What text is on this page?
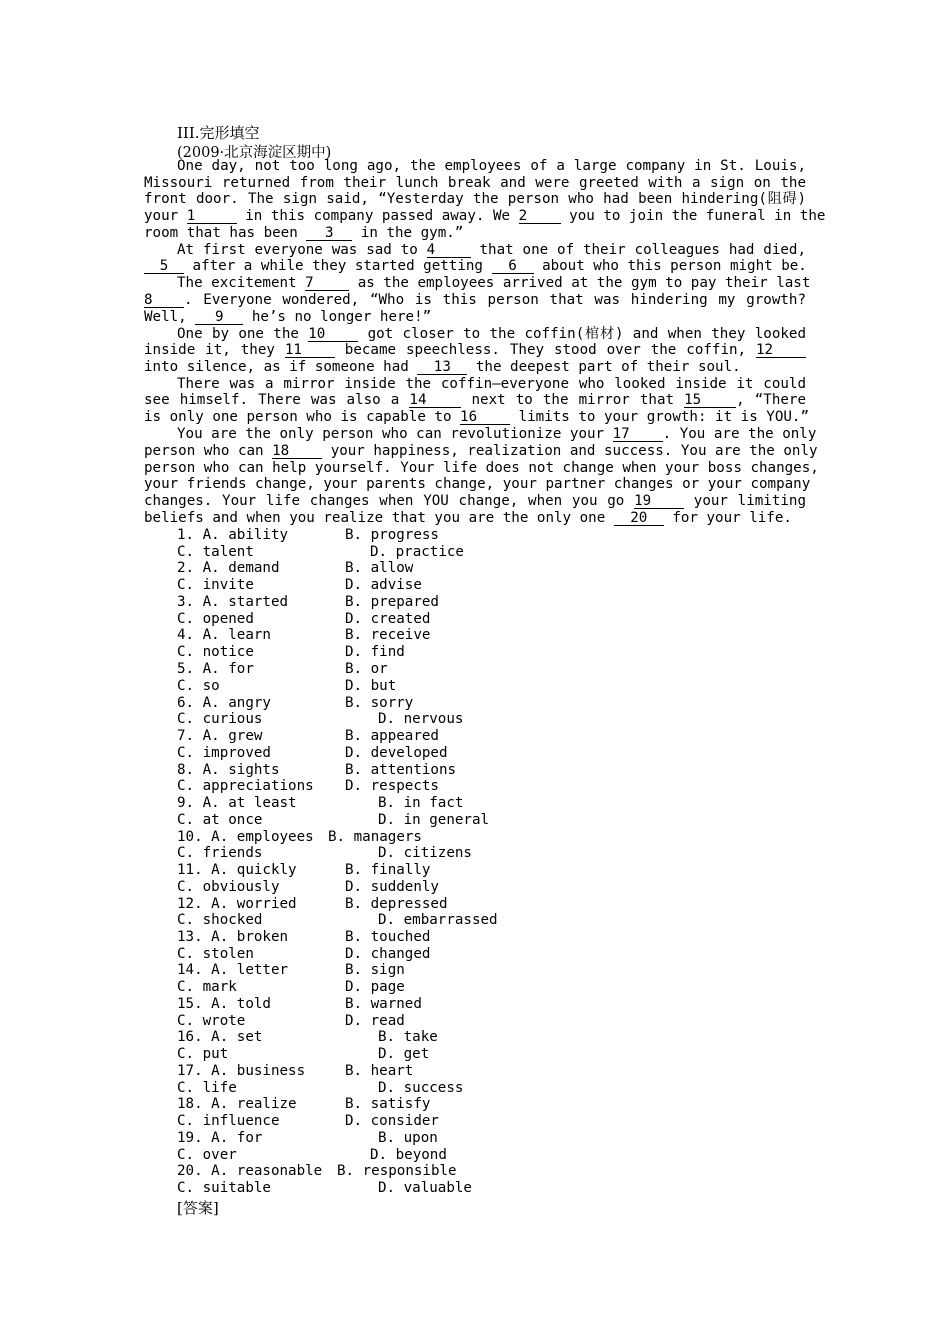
III.完形填空
(2009·北京海淀区期中)
One day, not too long ago, the employees of a large company in St. Louis,
Missouri returned from their lunch break and were greeted with a sign on the
front door. The sign said, “Yesterday the person who had been hindering(阻碍)
your 1	in this company passed away. We 2	you to join the funeral in the
room that has been 3 in the gym.”
At first everyone was sad to 4	that one of their colleagues had died,
5 after a while they started getting 6 about who this person might be.
The excitement 7	as the employees arrived at the gym to pay their last
8 . Everyone wondered, “Who is this person that was hindering my growth?
Well, 9 he’s no longer here!”
One by one the 10	got closer to the coffin(棺材) and when they looked
inside it, they 11	became speechless. They stood over the coffin, 12
into silence, as if someone had 13 the deepest part of their soul.
There was a mirror inside the coffin—everyone who looked inside it could
see himself. There was also a 14	next to the mirror that 15 , “There
is only one person who is capable to 16	limits to your growth: it is YOU.”
You are the only person who can revolutionize your 17 . You are the only
person who can 18	your happiness, realization and success. You are the only
person who can help yourself. Your life does not change when your boss changes,
your friends change, your parents change, your partner changes or your company
changes. Your life changes when YOU change, when you go 19	your limiting
beliefs and when you realize that you are the only one 20 for your life.
1. A. ability	B. progress
C. talent	D. practice
2. A. demand	B. allow
C. invite	D. advise
3. A. started	B. prepared
C. opened	D. created
4. A. learn	B. receive
C. notice	D. find
5. A. for	B. or
C. so	D. but
6. A. angry	B. sorry
C. curious	D. nervous
7. A. grew	B. appeared
C. improved	D. developed
8. A. sights	B. attentions
C. appreciations D. respects
9. A. at least	B. in fact
C. at once	D. in general
10. A. employees B. managers
C. friends	D. citizens
11. A. quickly	B. finally
C. obviously	D. suddenly
12. A. worried	B. depressed
C. shocked	D. embarrassed
13. A. broken	B. touched
C. stolen	D. changed
14. A. letter	B. sign
C. mark	D. page
15. A. told	B. warned
C. wrote	D. read
16. A. set	B. take
C. put	D. get
17. A. business	B. heart
C. life	D. success
18. A. realize	B. satisfy
C. influence	D. consider
19. A. for	B. upon
C. over	D. beyond
20. A. reasonable B. responsible
C. suitable	D. valuable
[答案]
